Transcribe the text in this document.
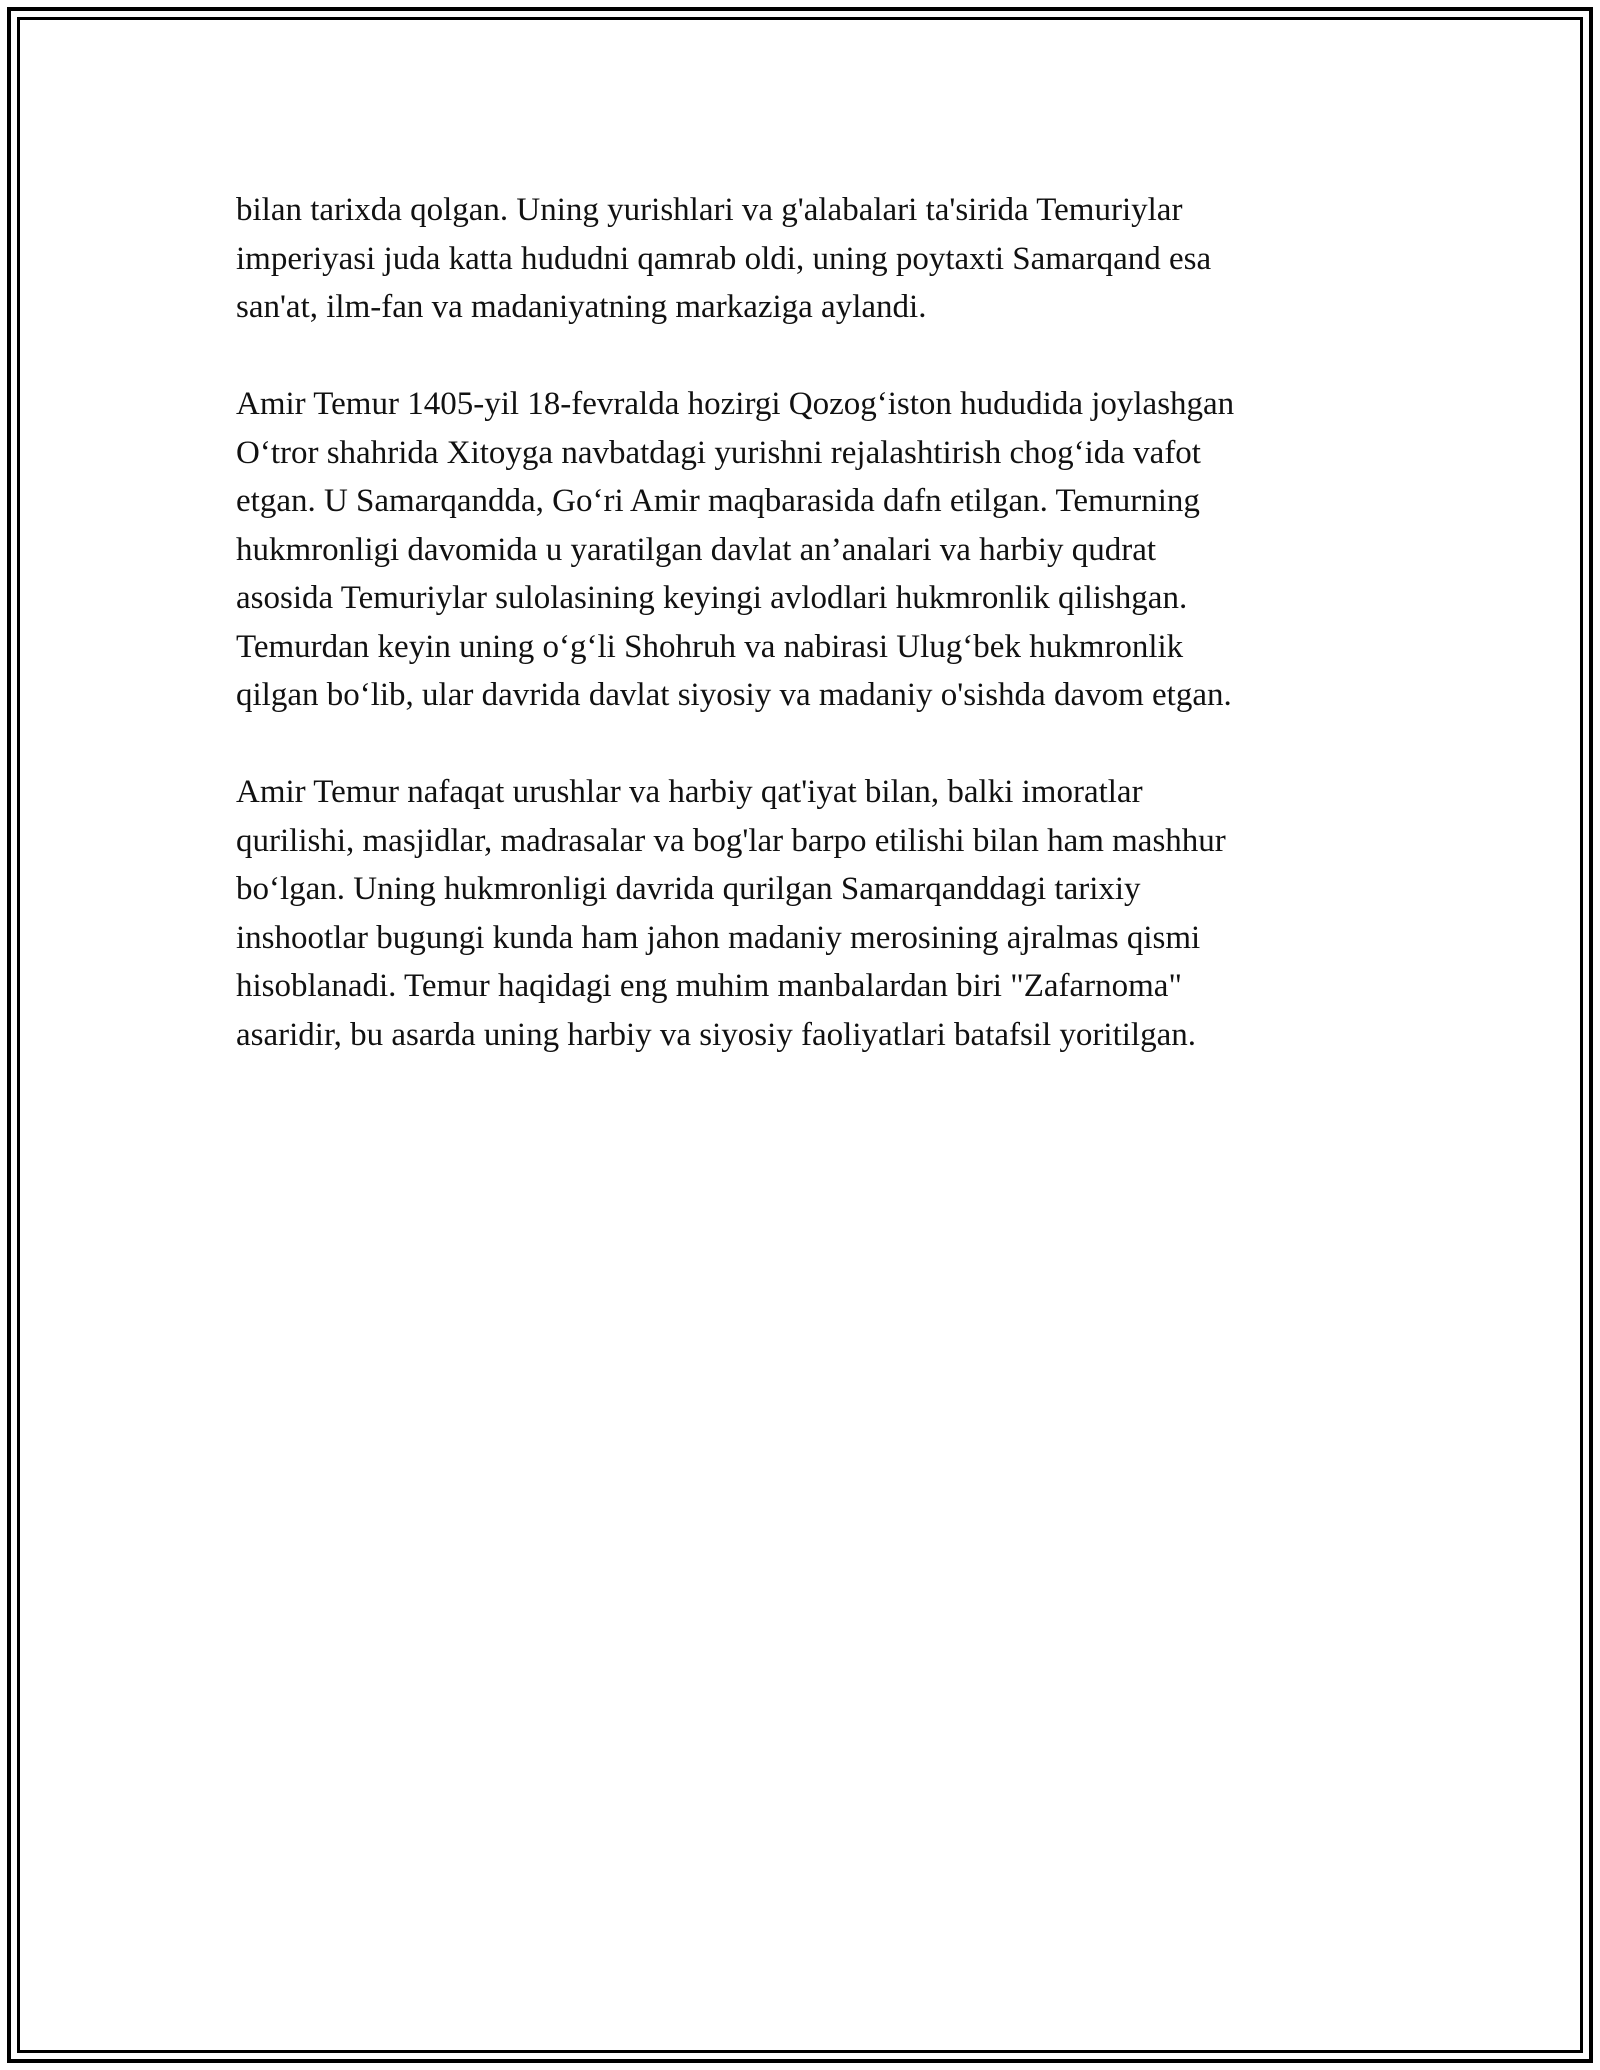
bilan tarixda qolgan. Uning yurishlari va g'alabalari ta'sirida Temuriylar
imperiyasi juda katta hududni qamrab oldi, uning poytaxti Samarqand esa
san'at, ilm-fan va madaniyatning markaziga aylandi.

Amir Temur 1405-yil 18-fevralda hozirgi Qozog‘iston hududida joylashgan
O‘tror shahrida Xitoyga navbatdagi yurishni rejalashtirish chog‘ida vafot
etgan. U Samarqandda, Go‘ri Amir maqbarasida dafn etilgan. Temurning
hukmronligi davomida u yaratilgan davlat an’analari va harbiy qudrat
asosida Temuriylar sulolasining keyingi avlodlari hukmronlik qilishgan.
Temurdan keyin uning o‘g‘li Shohruh va nabirasi Ulug‘bek hukmronlik
qilgan bo‘lib, ular davrida davlat siyosiy va madaniy o'sishda davom etgan.

Amir Temur nafaqat urushlar va harbiy qat'iyat bilan, balki imoratlar
qurilishi, masjidlar, madrasalar va bog'lar barpo etilishi bilan ham mashhur
bo‘lgan. Uning hukmronligi davrida qurilgan Samarqanddagi tarixiy
inshootlar bugungi kunda ham jahon madaniy merosining ajralmas qismi
hisoblanadi. Temur haqidagi eng muhim manbalardan biri "Zafarnoma"
asaridir, bu asarda uning harbiy va siyosiy faoliyatlari batafsil yoritilgan.
